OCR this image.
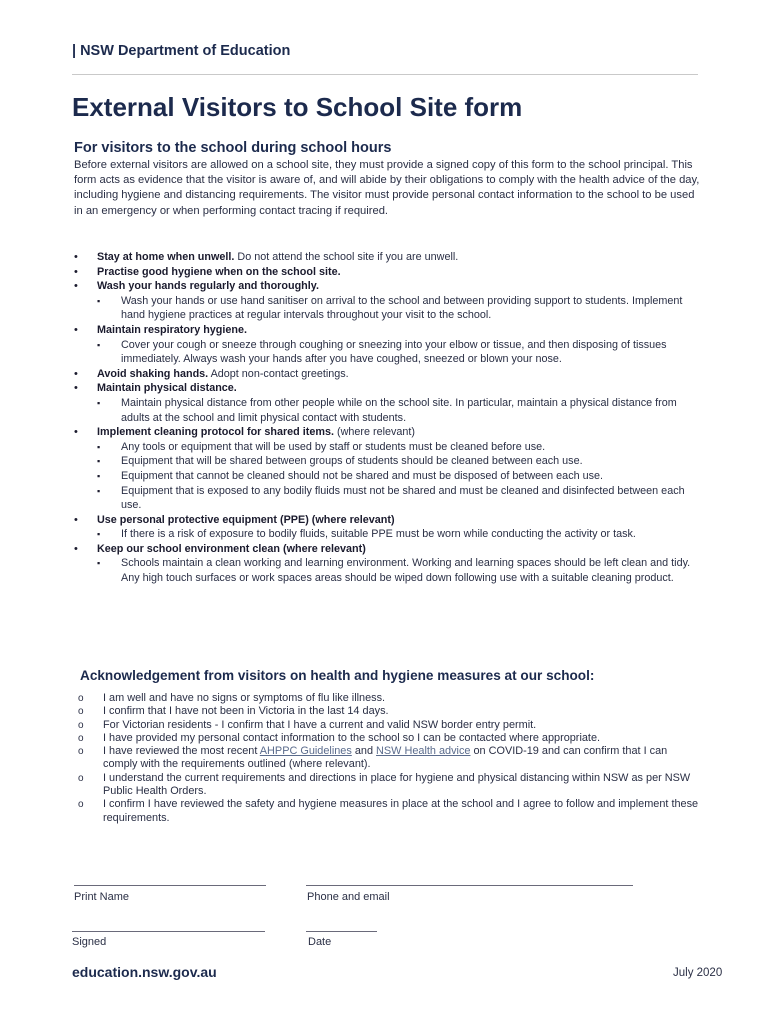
| NSW Department of Education
External Visitors to School Site form
For visitors to the school during school hours

Before external visitors are allowed on a school site, they must provide a signed copy of this form to the school principal. This form acts as evidence that the visitor is aware of, and will abide by their obligations to comply with the health advice of the day, including hygiene and distancing requirements. The visitor must provide personal contact information to the school to be used in an emergency or when performing contact tracing if required.

• Stay at home when unwell. Do not attend the school site if you are unwell.
• Practise good hygiene when on the school site.
• Wash your hands regularly and thoroughly.
▪ Wash your hands or use hand sanitiser on arrival to the school and between providing support to students. Implement hand hygiene practices at regular intervals throughout your visit to the school.
• Maintain respiratory hygiene.
▪ Cover your cough or sneeze through coughing or sneezing into your elbow or tissue, and then disposing of tissues immediately. Always wash your hands after you have coughed, sneezed or blown your nose.
• Avoid shaking hands. Adopt non-contact greetings.
• Maintain physical distance.
▪ Maintain physical distance from other people while on the school site. In particular, maintain a physical distance from adults at the school and limit physical contact with students.
• Implement cleaning protocol for shared items. (where relevant)
▪ Any tools or equipment that will be used by staff or students must be cleaned before use.
▪ Equipment that will be shared between groups of students should be cleaned between each use.
▪ Equipment that cannot be cleaned should not be shared and must be disposed of between each use.
▪ Equipment that is exposed to any bodily fluids must not be shared and must be cleaned and disinfected between each use.
• Use personal protective equipment (PPE) (where relevant)
▪ If there is a risk of exposure to bodily fluids, suitable PPE must be worn while conducting the activity or task.
• Keep our school environment clean (where relevant)
▪ Schools maintain a clean working and learning environment. Working and learning spaces should be left clean and tidy. Any high touch surfaces or work spaces areas should be wiped down following use with a suitable cleaning product.
Acknowledgement from visitors on health and hygiene measures at our school:
o I am well and have no signs or symptoms of flu like illness.
o I confirm that I have not been in Victoria in the last 14 days.
o For Victorian residents - I confirm that I have a current and valid NSW border entry permit.
o I have provided my personal contact information to the school so I can be contacted where appropriate.
o I have reviewed the most recent AHPPC Guidelines and NSW Health advice on COVID-19 and can confirm that I can comply with the requirements outlined (where relevant).
o I understand the current requirements and directions in place for hygiene and physical distancing within NSW as per NSW Public Health Orders.
o I confirm I have reviewed the safety and hygiene measures in place at the school and I agree to follow and implement these requirements.
Print Name	Phone and email
Signed	Date
education.nsw.gov.au	July 2020
